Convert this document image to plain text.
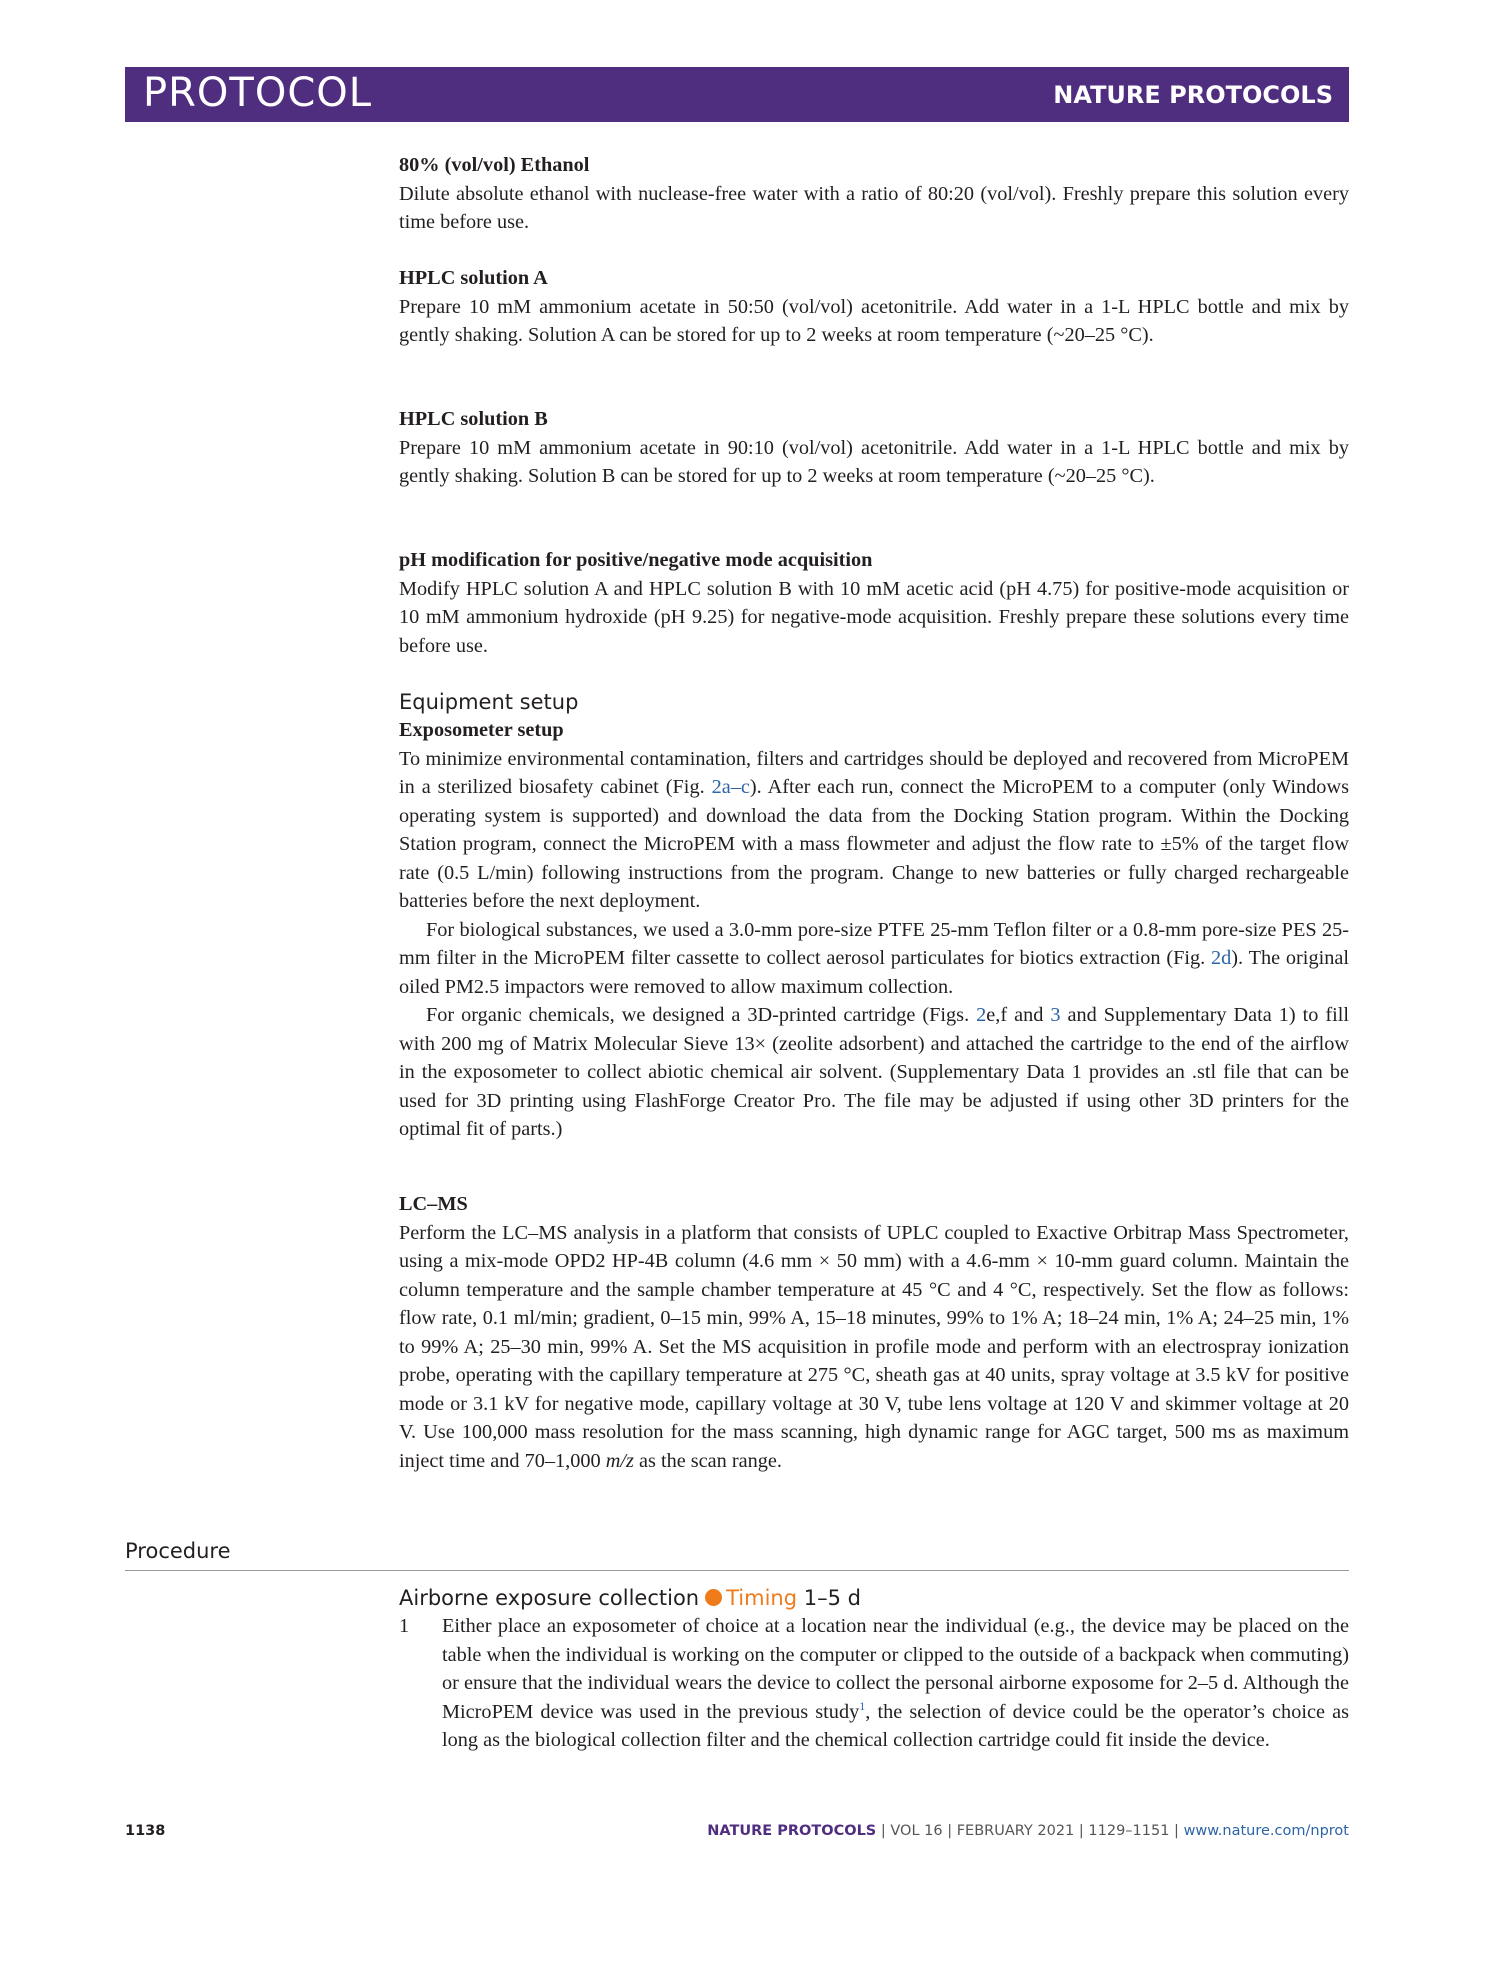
PROTOCOL	NATURE PROTOCOLS

80% (vol/vol) Ethanol

Dilute absolute ethanol with nuclease-free water with a ratio of 80:20 (vol/vol). Freshly prepare this solution every time before use.

HPLC solution A

Prepare 10 mM ammonium acetate in 50:50 (vol/vol) acetonitrile. Add water in a 1-L HPLC bottle and mix by gently shaking. Solution A can be stored for up to 2 weeks at room temperature (~20–25 °C).

HPLC solution B

Prepare 10 mM ammonium acetate in 90:10 (vol/vol) acetonitrile. Add water in a 1-L HPLC bottle and mix by gently shaking. Solution B can be stored for up to 2 weeks at room temperature (~20–25 °C).

pH modification for positive/negative mode acquisition

Modify HPLC solution A and HPLC solution B with 10 mM acetic acid (pH 4.75) for positive-mode acquisition or 10 mM ammonium hydroxide (pH 9.25) for negative-mode acquisition. Freshly prepare these solutions every time before use.

Equipment setup

Exposometer setup

To minimize environmental contamination, filters and cartridges should be deployed and recovered from MicroPEM in a sterilized biosafety cabinet (Fig. 2a–c). After each run, connect the MicroPEM to a computer (only Windows operating system is supported) and download the data from the Docking Station program. Within the Docking Station program, connect the MicroPEM with a mass flowmeter and adjust the flow rate to ±5% of the target flow rate (0.5 L/min) following instructions from the program. Change to new batteries or fully charged rechargeable batteries before the next deployment.

For biological substances, we used a 3.0-mm pore-size PTFE 25-mm Teflon filter or a 0.8-mm pore-size PES 25-mm filter in the MicroPEM filter cassette to collect aerosol particulates for biotics extraction (Fig. 2d). The original oiled PM2.5 impactors were removed to allow maximum collection.

For organic chemicals, we designed a 3D-printed cartridge (Figs. 2e,f and 3 and Supplementary Data 1) to fill with 200 mg of Matrix Molecular Sieve 13× (zeolite adsorbent) and attached the cartridge to the end of the airflow in the exposometer to collect abiotic chemical air solvent. (Supplementary Data 1 provides an .stl file that can be used for 3D printing using FlashForge Creator Pro. The file may be adjusted if using other 3D printers for the optimal fit of parts.)

LC–MS

Perform the LC–MS analysis in a platform that consists of UPLC coupled to Exactive Orbitrap Mass Spectrometer, using a mix-mode OPD2 HP-4B column (4.6 mm × 50 mm) with a 4.6-mm × 10-mm guard column. Maintain the column temperature and the sample chamber temperature at 45 °C and 4 °C, respectively. Set the flow as follows: flow rate, 0.1 ml/min; gradient, 0–15 min, 99% A, 15–18 minutes, 99% to 1% A; 18–24 min, 1% A; 24–25 min, 1% to 99% A; 25–30 min, 99% A. Set the MS acquisition in profile mode and perform with an electrospray ionization probe, operating with the capillary temperature at 275 °C, sheath gas at 40 units, spray voltage at 3.5 kV for positive mode or 3.1 kV for negative mode, capillary voltage at 30 V, tube lens voltage at 120 V and skimmer voltage at 20 V. Use 100,000 mass resolution for the mass scanning, high dynamic range for AGC target, 500 ms as maximum inject time and 70–1,000 m/z as the scan range.

Procedure

Airborne exposure collection Timing 1–5 d

1 Either place an exposometer of choice at a location near the individual (e.g., the device may be placed on the table when the individual is working on the computer or clipped to the outside of a backpack when commuting) or ensure that the individual wears the device to collect the personal airborne exposome for 2–5 d. Although the MicroPEM device was used in the previous study$^1$, the selection of device could be the operator’s choice as long as the biological collection filter and the chemical collection cartridge could fit inside the device.

1138	NATURE PROTOCOLS | VOL 16 | FEBRUARY 2021 | 1129–1151 | www.nature.com/nprot
